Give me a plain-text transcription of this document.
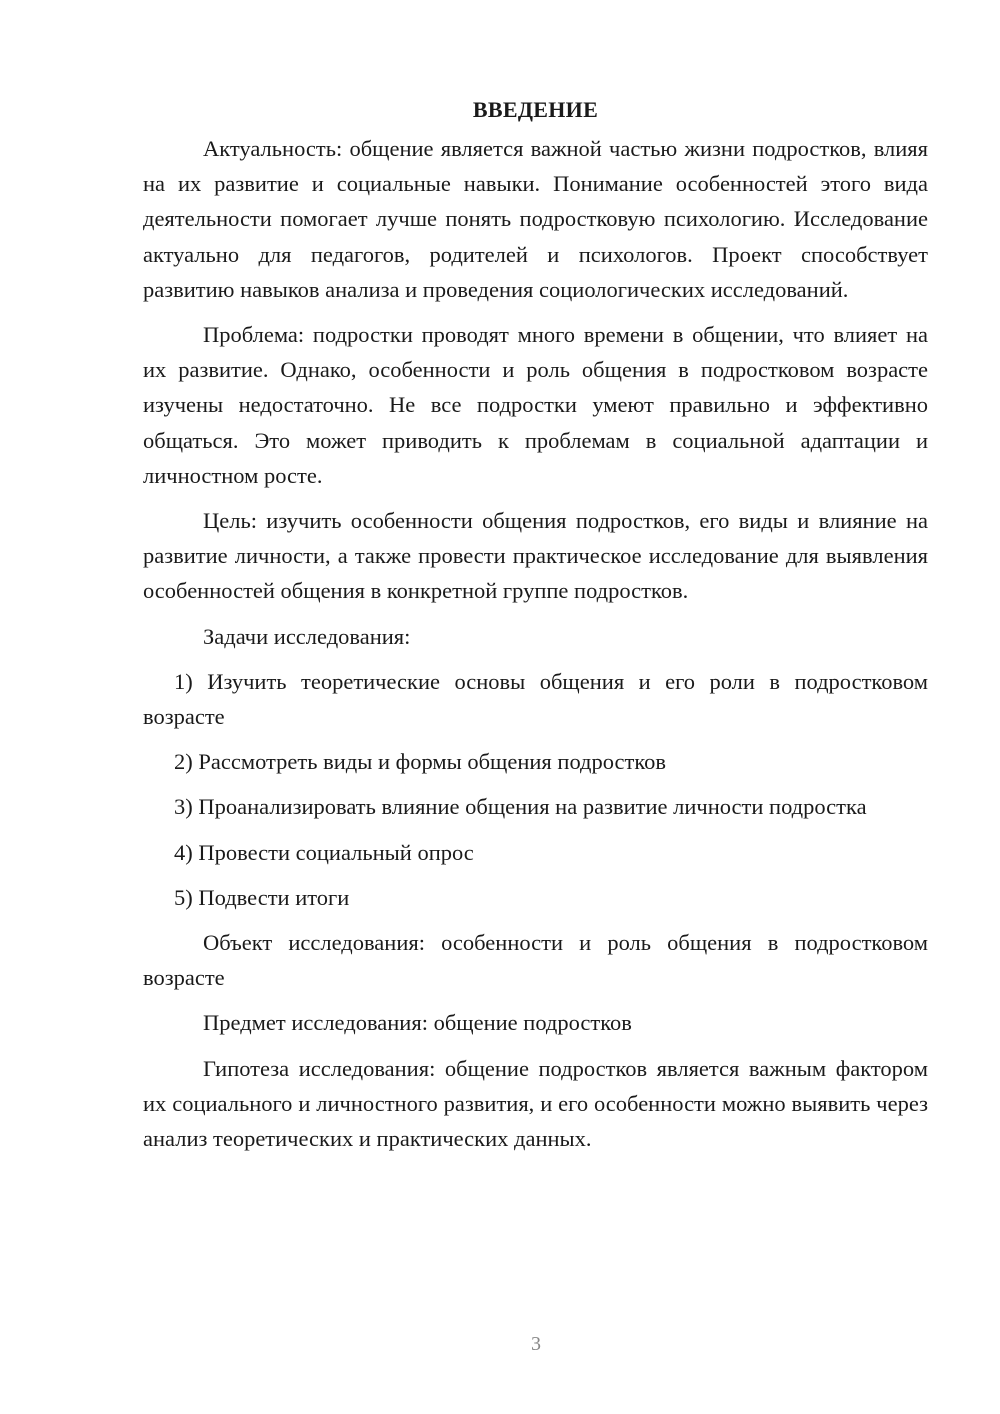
ВВЕДЕНИЕ

Актуальность: общение является важной частью жизни подростков, влияя на их развитие и социальные навыки. Понимание особенностей этого вида деятельности помогает лучше понять подростковую психологию. Исследование актуально для педагогов, родителей и психологов. Проект способствует развитию навыков анализа и проведения социологических исследований.

Проблема: подростки проводят много времени в общении, что влияет на их развитие. Однако, особенности и роль общения в подростковом возрасте изучены недостаточно. Не все подростки умеют правильно и эффективно общаться. Это может приводить к проблемам в социальной адаптации и личностном росте.

Цель: изучить особенности общения подростков, его виды и влияние на развитие личности, а также провести практическое исследование для выявления особенностей общения в конкретной группе подростков.

Задачи исследования:

1) Изучить теоретические основы общения и его роли в подростковом возрасте

2) Рассмотреть виды и формы общения подростков

3) Проанализировать влияние общения на развитие личности подростка

4) Провести социальный опрос

5) Подвести итоги

Объект исследования: особенности и роль общения в подростковом возрасте

Предмет исследования: общение подростков

Гипотеза исследования: общение подростков является важным фактором их социального и личностного развития, и его особенности можно выявить через анализ теоретических и практических данных.

3
